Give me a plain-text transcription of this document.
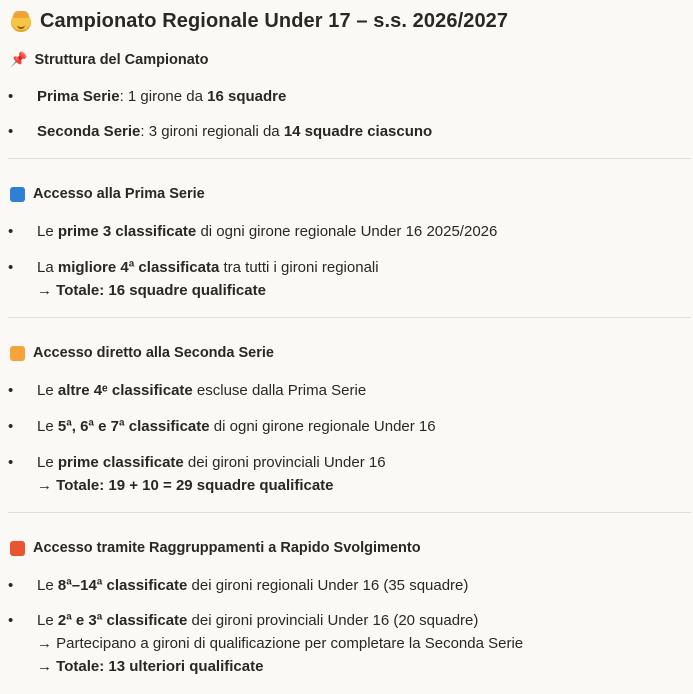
Campionato Regionale Under 17 – s.s. 2026/2027
📌 Struttura del Campionato
• Prima Serie: 1 girone da 16 squadre
• Seconda Serie: 3 gironi regionali da 14 squadre ciascuno
Accesso alla Prima Serie
• Le prime 3 classificate di ogni girone regionale Under 16 2025/2026
• La migliore 4ª classificata tra tutti i gironi regionali
→ Totale: 16 squadre qualificate
Accesso diretto alla Seconda Serie
• Le altre 4ᵉ classificate escluse dalla Prima Serie
• Le 5ª, 6ª e 7ª classificate di ogni girone regionale Under 16
• Le prime classificate dei gironi provinciali Under 16
→ Totale: 19 + 10 = 29 squadre qualificate
Accesso tramite Raggruppamenti a Rapido Svolgimento
• Le 8ª–14ª classificate dei gironi regionali Under 16 (35 squadre)
• Le 2ª e 3ª classificate dei gironi provinciali Under 16 (20 squadre)
→ Partecipano a gironi di qualificazione per completare la Seconda Serie
→ Totale: 13 ulteriori qualificate
